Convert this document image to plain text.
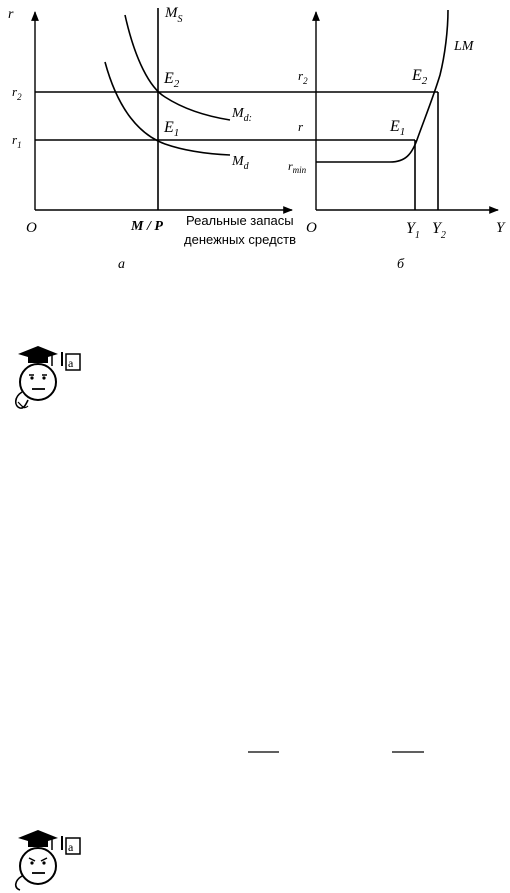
r
$r_2$
$r_1$
O
$M_S$
$M_d$:
$M_d$
$E_2$
$E_1$
M / P Реальные запасы
денежных средств
а
$r_2$
r
$r_{min}$
O
LM
$E_2$
$E_1$
$Y_1$ $Y_2$	Y
б
a
a
